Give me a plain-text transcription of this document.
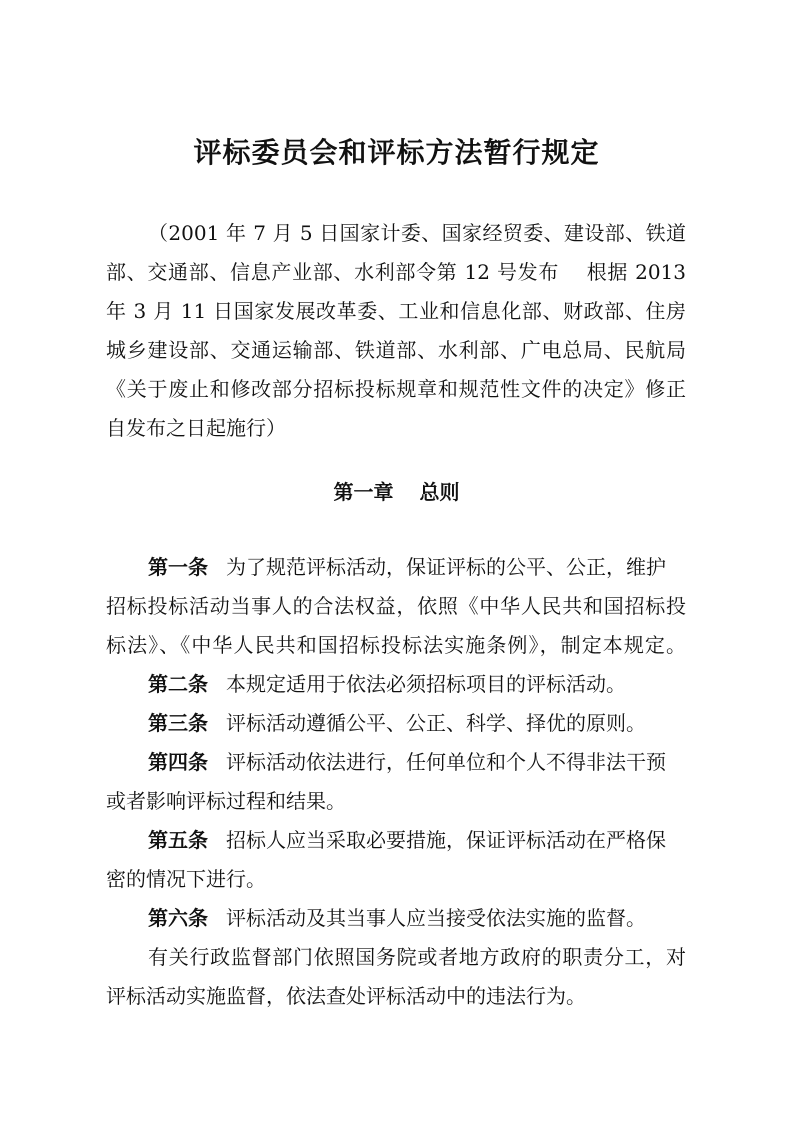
评标委员会和评标方法暂行规定

（2001 年 7 月 5 日国家计委、国家经贸委、建设部、铁道

部、交通部、信息产业部、水利部令第 12 号发布　 根据 2013

年 3 月 11 日国家发展改革委、工业和信息化部、财政部、住房

城乡建设部、交通运输部、铁道部、水利部、广电总局、民航局

《关于废止和修改部分招标投标规章和规范性文件的决定》修正

自发布之日起施行）

第一章 总则

第一条 为了规范评标活动，保证评标的公平、公正，维护

招标投标活动当事人的合法权益，依照《中华人民共和国招标投

标法》、《中华人民共和国招标投标法实施条例》，制定本规定。

第二条 本规定适用于依法必须招标项目的评标活动。

第三条 评标活动遵循公平、公正、科学、择优的原则。

第四条 评标活动依法进行，任何单位和个人不得非法干预

或者影响评标过程和结果。

第五条 招标人应当采取必要措施，保证评标活动在严格保

密的情况下进行。

第六条 评标活动及其当事人应当接受依法实施的监督。

有关行政监督部门依照国务院或者地方政府的职责分工，对

评标活动实施监督，依法查处评标活动中的违法行为。
